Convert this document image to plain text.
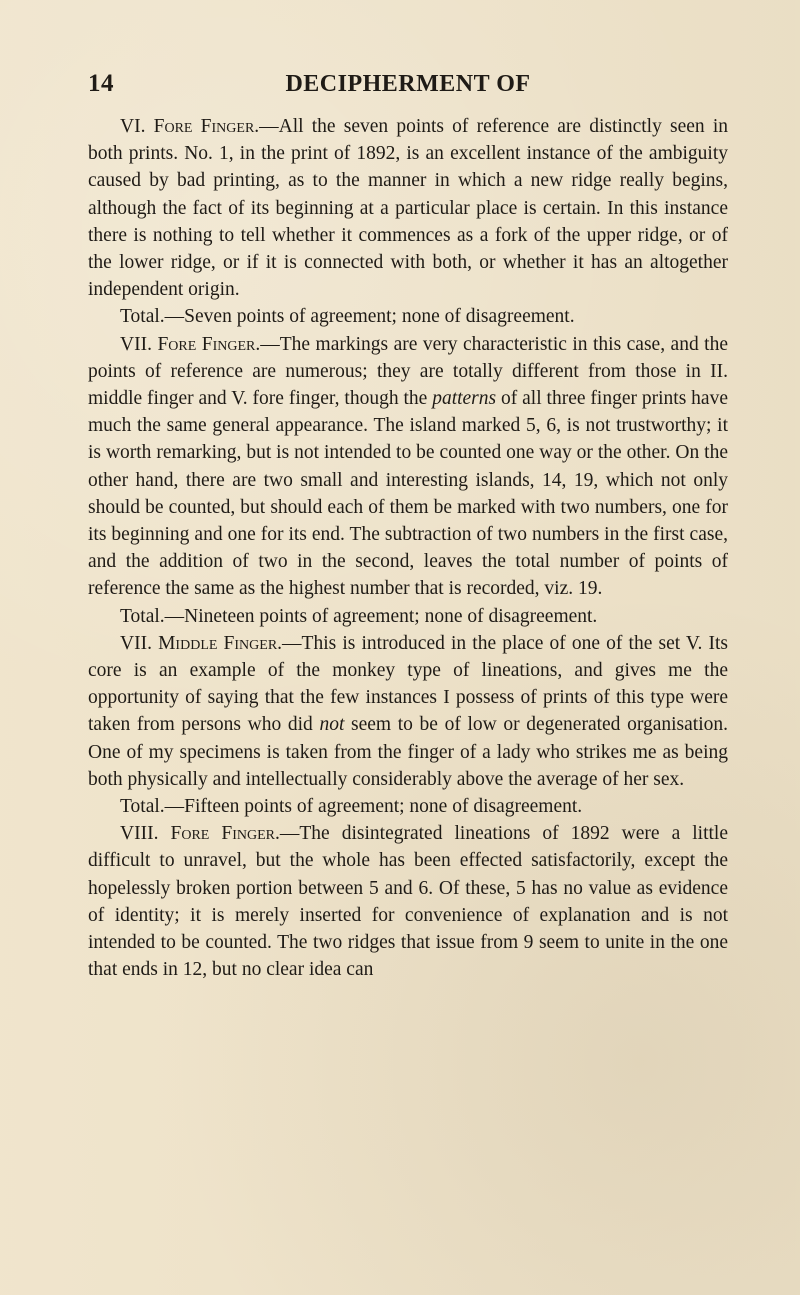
14	DECIPHERMENT OF

VI. Fore Finger.—All the seven points of reference are distinctly seen in both prints. No. 1, in the print of 1892, is an excellent instance of the ambiguity caused by bad printing, as to the manner in which a new ridge really begins, although the fact of its beginning at a particular place is certain. In this instance there is nothing to tell whether it commences as a fork of the upper ridge, or of the lower ridge, or if it is connected with both, or whether it has an altogether independent origin.

Total.—Seven points of agreement; none of disagreement.

VII. Fore Finger.—The markings are very characteristic in this case, and the points of reference are numerous; they are totally different from those in II. middle finger and V. fore finger, though the patterns of all three finger prints have much the same general appearance. The island marked 5, 6, is not trustworthy; it is worth remarking, but is not intended to be counted one way or the other. On the other hand, there are two small and interesting islands, 14, 19, which not only should be counted, but should each of them be marked with two numbers, one for its beginning and one for its end. The subtraction of two numbers in the first case, and the addition of two in the second, leaves the total number of points of reference the same as the highest number that is recorded, viz. 19.

Total.—Nineteen points of agreement; none of disagreement.

VII. Middle Finger.—This is introduced in the place of one of the set V. Its core is an example of the monkey type of lineations, and gives me the opportunity of saying that the few instances I possess of prints of this type were taken from persons who did not seem to be of low or degenerated organisation. One of my specimens is taken from the finger of a lady who strikes me as being both physically and intellectually considerably above the average of her sex.

Total.—Fifteen points of agreement; none of disagreement.

VIII. Fore Finger.—The disintegrated lineations of 1892 were a little difficult to unravel, but the whole has been effected satisfactorily, except the hopelessly broken portion between 5 and 6. Of these, 5 has no value as evidence of identity; it is merely inserted for convenience of explanation and is not intended to be counted. The two ridges that issue from 9 seem to unite in the one that ends in 12, but no clear idea can
